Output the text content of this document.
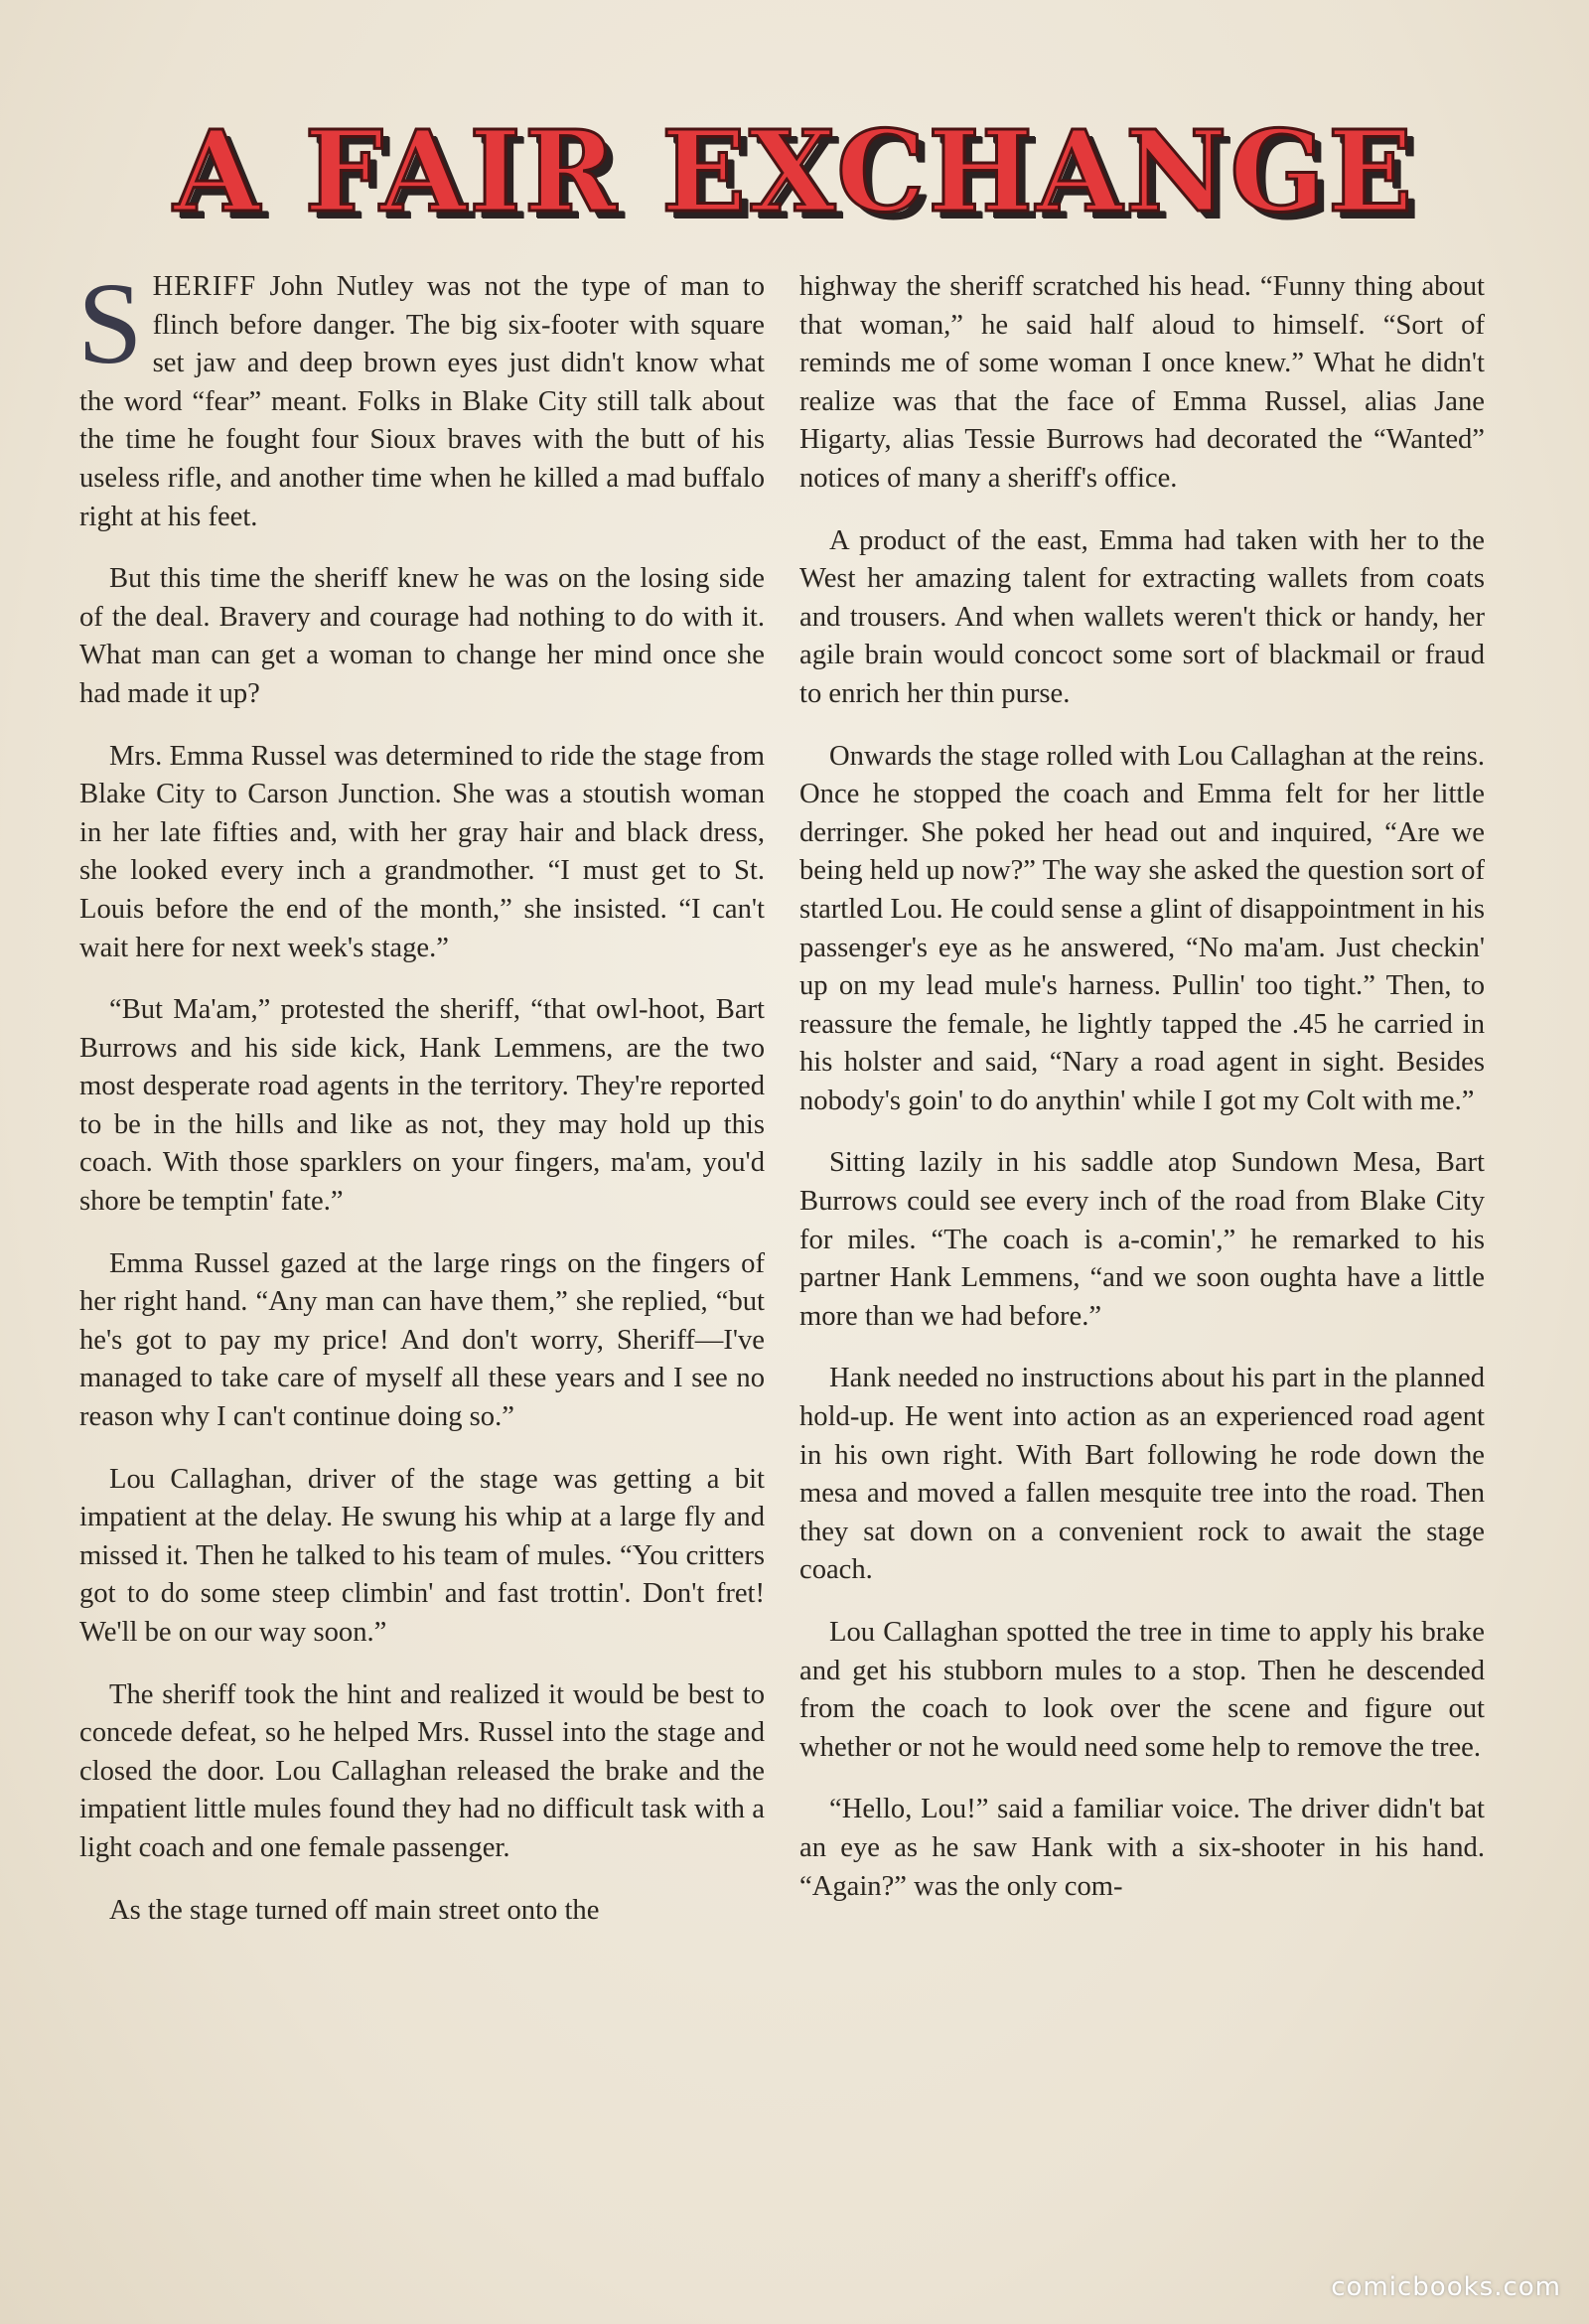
A FAIR EXCHANGE

SHERIFF John Nutley was not the type of man to flinch before danger. The big six-footer with square set jaw and deep brown eyes just didn't know what the word “fear” meant. Folks in Blake City still talk about the time he fought four Sioux braves with the butt of his useless rifle, and another time when he killed a mad buffalo right at his feet.

But this time the sheriff knew he was on the losing side of the deal. Bravery and courage had nothing to do with it. What man can get a woman to change her mind once she had made it up?

Mrs. Emma Russel was determined to ride the stage from Blake City to Carson Junction. She was a stoutish woman in her late fifties and, with her gray hair and black dress, she looked every inch a grandmother. “I must get to St. Louis before the end of the month,” she insisted. “I can't wait here for next week's stage.”

“But Ma'am,” protested the sheriff, “that owl-hoot, Bart Burrows and his side kick, Hank Lemmens, are the two most desperate road agents in the territory. They're reported to be in the hills and like as not, they may hold up this coach. With those sparklers on your fingers, ma'am, you'd shore be temptin' fate.”

Emma Russel gazed at the large rings on the fingers of her right hand. “Any man can have them,” she replied, “but he's got to pay my price! And don't worry, Sheriff—I've managed to take care of myself all these years and I see no reason why I can't continue doing so.”

Lou Callaghan, driver of the stage was getting a bit impatient at the delay. He swung his whip at a large fly and missed it. Then he talked to his team of mules. “You critters got to do some steep climbin' and fast trottin'. Don't fret! We'll be on our way soon.”

The sheriff took the hint and realized it would be best to concede defeat, so he helped Mrs. Russel into the stage and closed the door. Lou Callaghan released the brake and the impatient little mules found they had no difficult task with a light coach and one female passenger.

As the stage turned off main street onto the

highway the sheriff scratched his head. “Funny thing about that woman,” he said half aloud to himself. “Sort of reminds me of some woman I once knew.” What he didn't realize was that the face of Emma Russel, alias Jane Higarty, alias Tessie Burrows had decorated the “Wanted” notices of many a sheriff's office.

A product of the east, Emma had taken with her to the West her amazing talent for extracting wallets from coats and trousers. And when wallets weren't thick or handy, her agile brain would concoct some sort of blackmail or fraud to enrich her thin purse.

Onwards the stage rolled with Lou Callaghan at the reins. Once he stopped the coach and Emma felt for her little derringer. She poked her head out and inquired, “Are we being held up now?” The way she asked the question sort of startled Lou. He could sense a glint of disappointment in his passenger's eye as he answered, “No ma'am. Just checkin' up on my lead mule's harness. Pullin' too tight.” Then, to reassure the female, he lightly tapped the .45 he carried in his holster and said, “Nary a road agent in sight. Besides nobody's goin' to do anythin' while I got my Colt with me.”

Sitting lazily in his saddle atop Sundown Mesa, Bart Burrows could see every inch of the road from Blake City for miles. “The coach is a-comin',” he remarked to his partner Hank Lemmens, “and we soon oughta have a little more than we had before.”

Hank needed no instructions about his part in the planned hold-up. He went into action as an experienced road agent in his own right. With Bart following he rode down the mesa and moved a fallen mesquite tree into the road. Then they sat down on a convenient rock to await the stage coach.

Lou Callaghan spotted the tree in time to apply his brake and get his stubborn mules to a stop. Then he descended from the coach to look over the scene and figure out whether or not he would need some help to remove the tree.

“Hello, Lou!” said a familiar voice. The driver didn't bat an eye as he saw Hank with a six-shooter in his hand. “Again?” was the only com-

comicbooks.com
